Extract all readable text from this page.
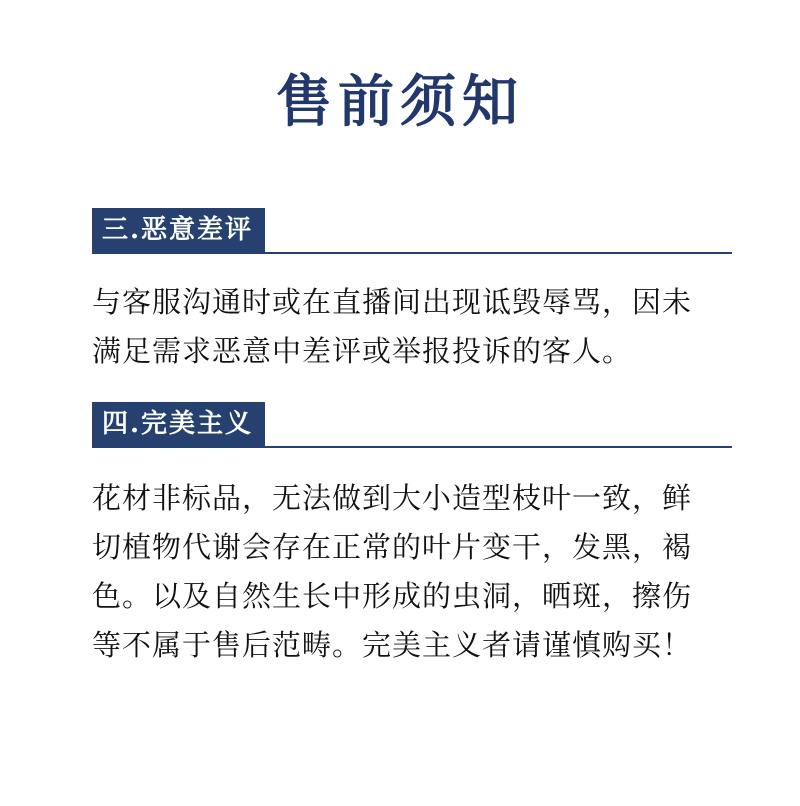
售前须知
三.恶意差评
与客服沟通时或在直播间出现诋毁辱骂，因未
满足需求恶意中差评或举报投诉的客人。
四.完美主义
花材非标品，无法做到大小造型枝叶一致，鲜
切植物代谢会存在正常的叶片变干，发黑，褐
色。以及自然生长中形成的虫洞，晒斑，擦伤
等不属于售后范畴。完美主义者请谨慎购买！
